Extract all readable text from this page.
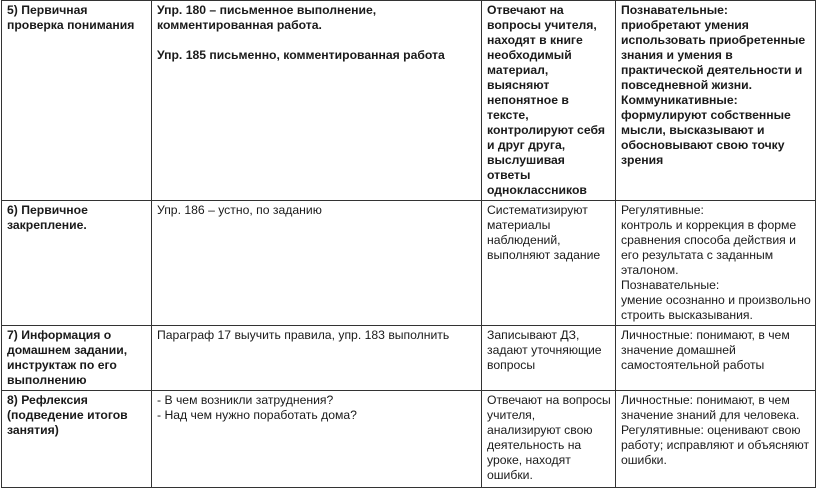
5) Первичная проверка понимания	Упр. 180 – письменное выполнение, комментированная работа.
Упр. 185 письменно, комментированная работа	Отвечают на вопросы учителя, находят в книге необходимый материал, выясняют непонятное в тексте, контролируют себя и друг друга, выслушивая ответы одноклассников	Познавательные: приобретают умения использовать приобретенные знания и умения в практической деятельности и повседневной жизни.
Коммуникативные: формулируют собственные мысли, высказывают и обосновывают свою точку зрения

6) Первичное закрепление.	Упр. 186 – устно, по заданию	Систематизируют материалы наблюдений, выполняют задание	Регулятивные:
контроль и коррекция в форме сравнения способа действия и его результата с заданным эталоном.
Познавательные:
умение осознанно и произвольно строить высказывания.

7) Информация о домашнем задании, инструктаж по его выполнению	Параграф 17 выучить правила, упр. 183 выполнить	Записывают ДЗ, задают уточняющие вопросы	Личностные: понимают, в чем значение домашней самостоятельной работы

8) Рефлексия (подведение итогов занятия)	- В чем возникли затруднения?
- Над чем нужно поработать дома?	Отвечают на вопросы учителя, анализируют свою деятельность на уроке, находят ошибки.	Личностные: понимают, в чем значение знаний для человека.
Регулятивные: оценивают свою работу; исправляют и объясняют ошибки.
